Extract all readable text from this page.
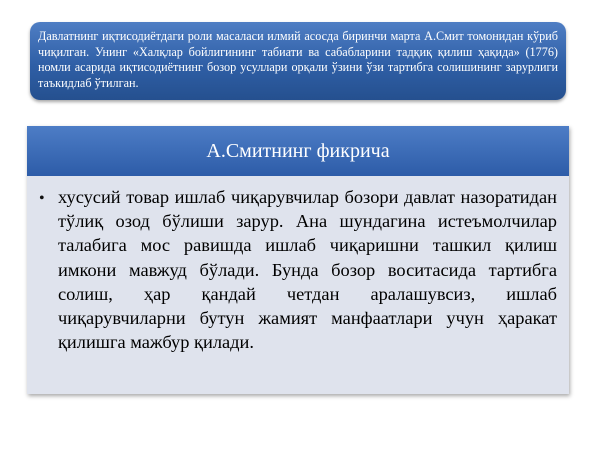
Давлатнинг иқтисодиётдаги роли масаласи илмий асосда биринчи марта А.Смит томонидан кўриб чиқилган. Унинг «Халқлар бойлигининг табиати ва сабабларини тадқиқ қилиш ҳақида» (1776) номли асарида иқтисодиётнинг бозор усуллари орқали ўзини ўзи тартибга солишининг зарурлиги таъкидлаб ўтилган.
А.Смитнинг фикрича
• хусусий товар ишлаб чиқарувчилар бозори давлат назоратидан тўлиқ озод бўлиши зарур. Ана шундагина истеъмолчилар талабига мос равишда ишлаб чиқаришни ташкил қилиш имкони мавжуд бўлади. Бунда бозор воситасида тартибга солиш, ҳар қандай четдан аралашувсиз, ишлаб чиқарувчиларни бутун жамият манфаатлари учун ҳаракат қилишга мажбур қилади.
